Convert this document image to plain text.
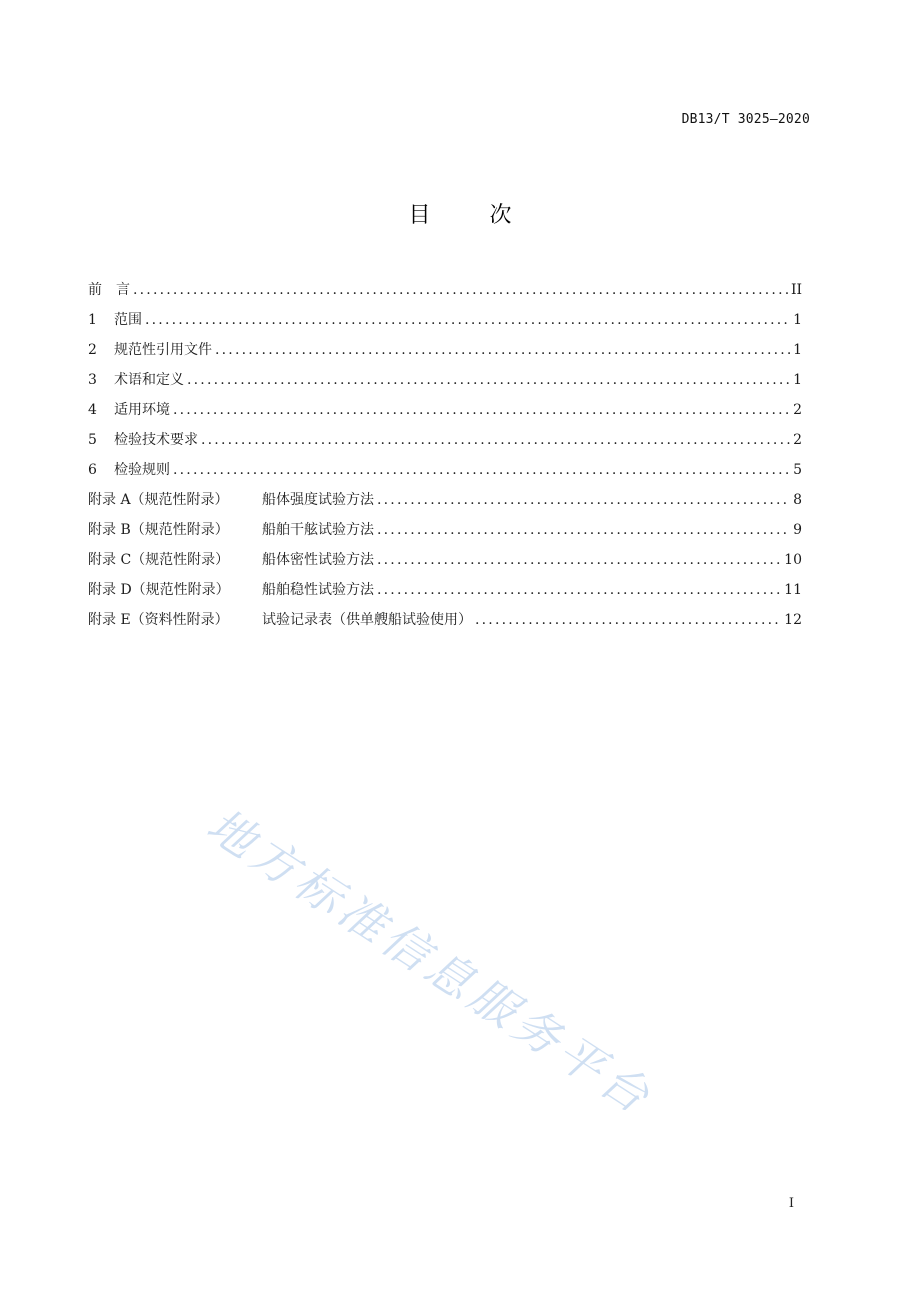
DB13/T 3025—2020
目 次
前　言 .....	II
1	范围 .....	1
2	规范性引用文件 .....	1
3	术语和定义 .....	1
4	适用环境 .....	2
5	检验技术要求 .....	2
6	检验规则 .....	5
附录 A（规范性附录）	船体强度试验方法 .....	8
附录 B（规范性附录）	船舶干舷试验方法 .....	9
附录 C（规范性附录）	船体密性试验方法 .....	10
附录 D（规范性附录）	船舶稳性试验方法 .....	11
附录 E（资料性附录）	试验记录表（供单艘船试验使用） .....	12
地方标准信息服务平台
I
